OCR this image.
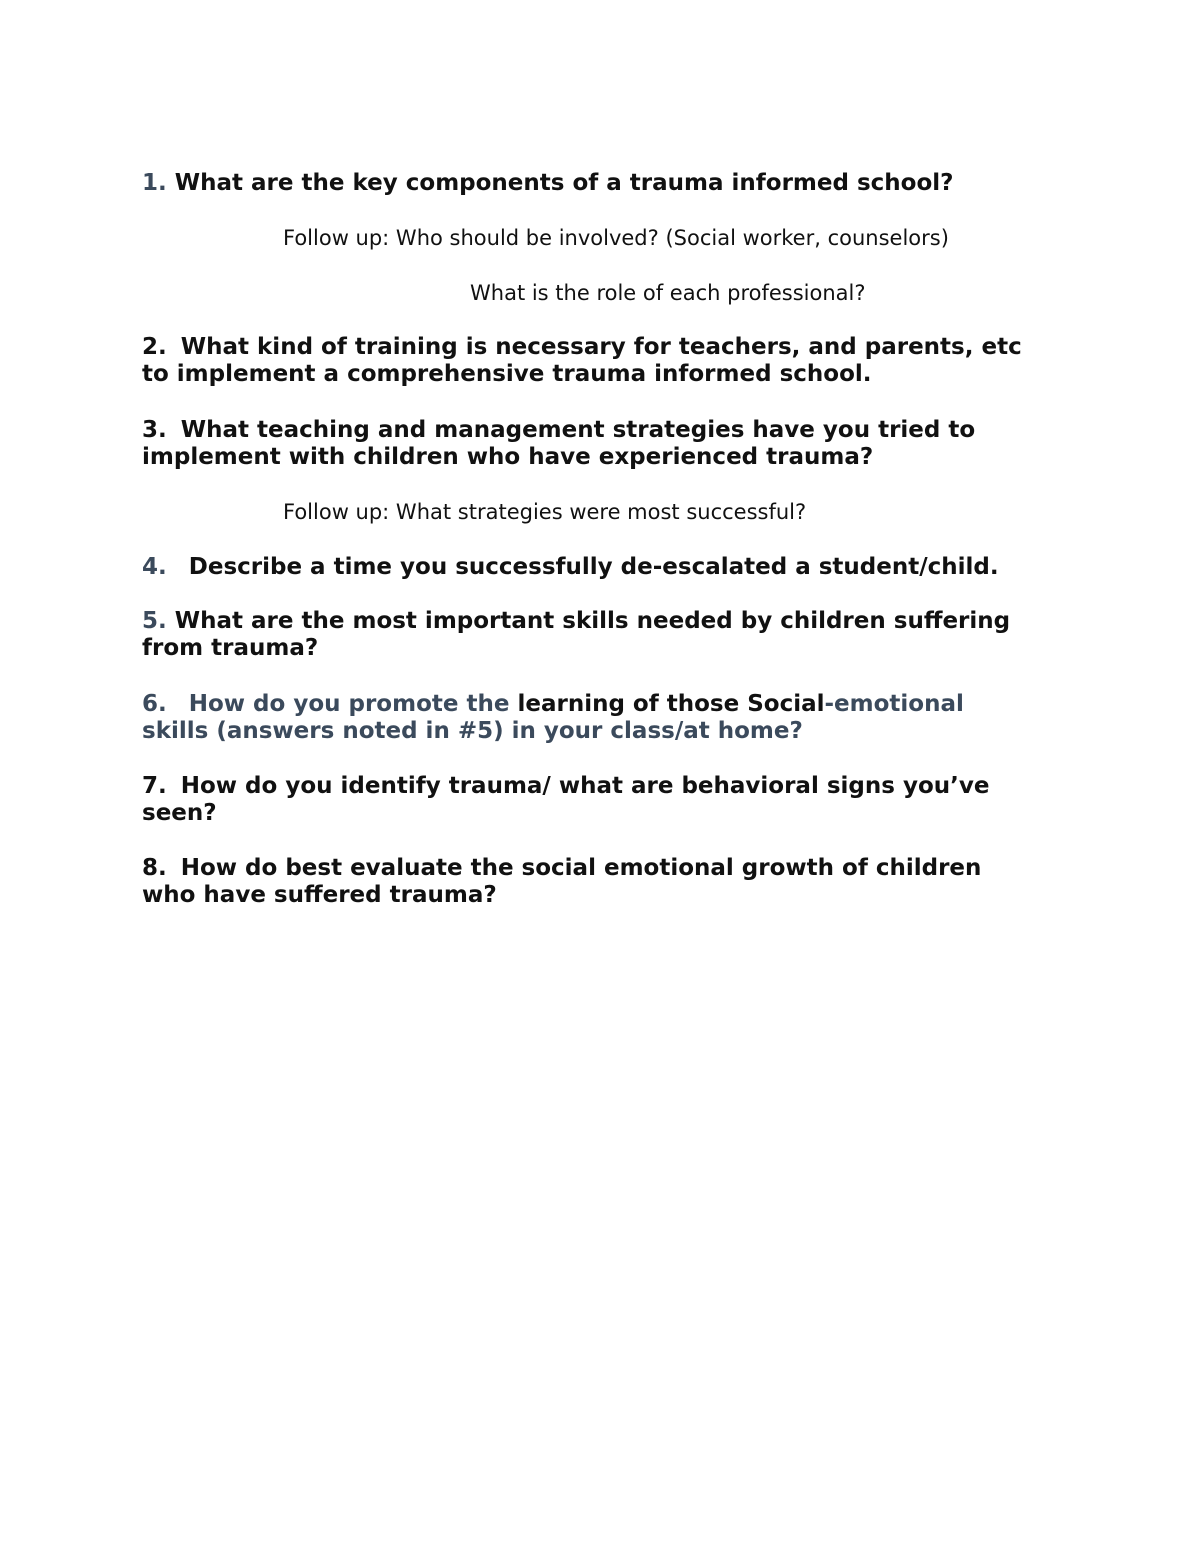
1. What are the key components of a trauma informed school?
Follow up: Who should be involved? (Social worker, counselors)
What is the role of each professional?
2. What kind of training is necessary for teachers, and parents, etc
to implement a comprehensive trauma informed school.
3. What teaching and management strategies have you tried to
implement with children who have experienced trauma?
Follow up: What strategies were most successful?
4. Describe a time you successfully de-escalated a student/child.
5. What are the most important skills needed by children suffering
from trauma?
6. How do you promote the learning of those Social-emotional
skills (answers noted in #5) in your class/at home?
7. How do you identify trauma/ what are behavioral signs you’ve
seen?
8. How do best evaluate the social emotional growth of children
who have suffered trauma?
